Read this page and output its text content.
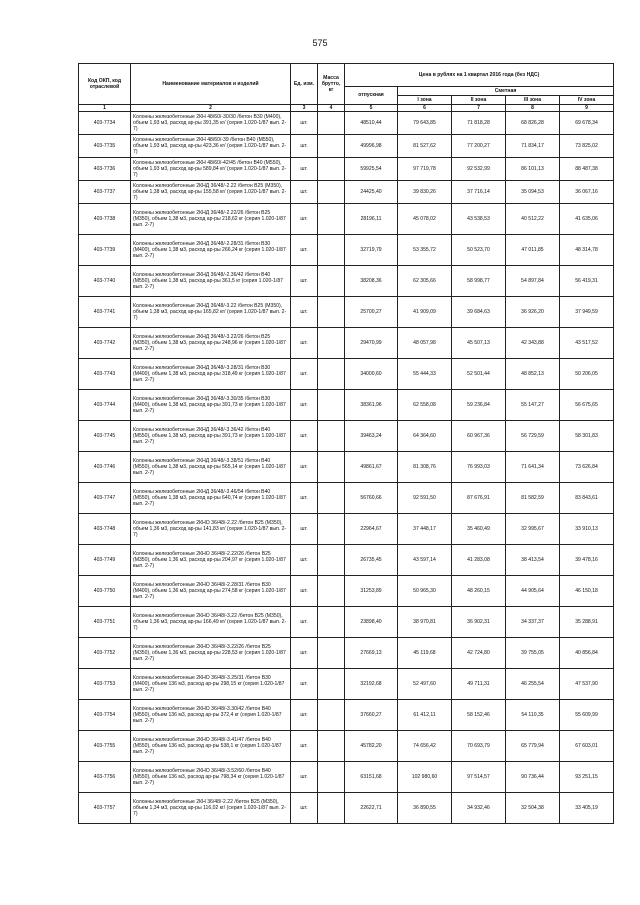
575
Код ОКП, код отраслевой	Наименование материалов и изделий	Ед. изм.	Масса брутто, кг	Цена в рублях на 1 квартал 2016 года (без НДС)				
				отпускная	Сметная			
					I зона	II зона	III зона	IV зона
1	2	3	4	5	6	7	8	9
403-7734	Колонны железобетонные 2КН 48/60/-30/30 /бетон В30 (М400), объем 1,93 м3, расход ар-ры 391,35 кг/ (серия 1.020-1/87 вып. 2-7)	шт.		48510,44	79 643,85	71 818,28	68 826,28	69 678,34
403-7735	Колонны железобетонные 2КН 48/60/-39 /бетон В40 (М550), объем 1,93 м3, расход ар-ры 423,36 кг/ (серия 1.020-1/87 вып. 2-7)	шт.		49996,98	81 527,62	77 200,27	71 834,17	73 825,02
403-7736	Колонны железобетонные 2КН 48/60/-42/45 /бетон В40 (М550), объем 1,93 м3, расход ар-ры 589,84 кг/ (серия 1.020-1/87 вып. 2-7)	шт.		59925,54	97 719,78	92 532,99	86 101,13	88 487,38
403-7737	Колонны железобетонные 2КНД 36/48/-2.22 /бетон В25 (М350), объем 1,38 м3, расход ар-ры 155,58 кг/ (серия 1.020-1/87 вып. 2-7)	шт.		24425,40	39 830,26	37 716,14	35 094,53	36 067,16
403-7738	Колонны железобетонные 2КНД 36/48/-2.22/26 /бетон В25 (М350), объем 1,38 м3, расход ар-ры 218,62 кг (серия 1.020-1/87 вып. 2-7)	шт.		28196,11	45 078,02	43 538,53	40 512,22	41 635,06
403-7739	Колонны железобетонные 2КНД 36/48/-2.28/31 /бетон В30 (М400), объем 1,38 м3, расход ар-ры 266,24 кг (серия 1.020-1/87 вып. 2-7)	шт.		32719,79	53 355,72	50 523,70	47 011,85	48 314,78
403-7740	Колонны железобетонные 2КНД 36/48/-2.36/42 /бетон В40 (М550), объем 1,38 м3, расход ар-ры 361,5 кг (серия 1.020-1/87 вып. 2-7)	шт.		38208,36	62 305,66	58 998,77	54 897,84	56 419,31
403-7741	Колонны железобетонные 2КНД 36/48/-3.22 /бетон В25 (М350), объем 1,38 м3, расход ар-ры 165,82 кг/ (серия 1.020-1/87 вып. 2-7)	шт.		25700,27	41 909,09	39 684,63	36 926,20	37 949,59
403-7742	Колонны железобетонные 2КНД 36/48/-3.22/26 /бетон В25 (М350), объем 1,38 м3, расход ар-ры 248,96 кг (серия 1.020-1/87 вып. 2-7)	шт.		29470,99	48 057,98	45 507,13	42 343,88	43 517,52
403-7743	Колонны железобетонные 2КНД 36/48/-3.28/31 /бетон В30 (М400), объем 1,38 м3, расход ар-ры 318,49 кг (серия 1.020-1/87 вып. 2-7)	шт.		34000,60	55 444,33	52 501,44	48 852,13	50 206,05
403-7744	Колонны железобетонные 2КНД 36/48/-3.30/35 /бетон В30 (М400), объем 1,38 м3, расход ар-ры 391,73 кг (серия 1.020-1/87 вып. 2-7)	шт.		38361,96	62 558,08	59 236,84	55 147,27	56 675,65
403-7745	Колонны железобетонные 2КНД 36/48/-3.36/42 /бетон В40 (М550), объем 1,38 м3, расход ар-ры 391,73 кг (серия 1.020-1/87 вып. 2-7)	шт.		39463,24	64 364,60	60 967,36	56 729,59	58 301,83
403-7746	Колонны железобетонные 2КНД 36/48/-3.38/51 /бетон В40 (М550), объем 1,38 м3, расход ар-ры 565,14 кг (серия 1.020-1/87 вып. 2-7)	шт.		49861,67	81 308,76	76 993,03	71 641,34	73 626,84
403-7747	Колонны железобетонные 2КНД 36/48/-3.46/54 /бетон В40 (М550), объем 1,38 м3, расход ар-ры 640,74 кг (серия 1.020-1/87 вып. 2-7)	шт.		56760,66	92 591,50	87 676,91	81 582,59	83 843,61
403-7748	Колонны железобетонные 2КНО 36/48/-2.22 /бетон В25 (М350), объем 1,36 м3, расход ар-ры 141,83 кг/ (серия 1.020-1/87 вып. 2-7)	шт.		22964,67	37 448,17	35 460,49	32 995,67	33 910,13
403-7749	Колонны железобетонные 2КНО 36/48/-2.22/26 /бетон В25 (М350), объем 1,36 м3, расход ар-ры 204,97 кг (серия 1.020-1/87 вып. 2-7)	шт.		26735,45	43 597,14	41 283,08	38 413,54	39 478,16
403-7750	Колонны железобетонные 2КНО 36/48/-2.28/31 /бетон В30 (М400), объем 1,36 м3, расход ар-ры 274,58 кг (серия 1.020-1/87 вып. 2-7)	шт.		31253,89	50 965,30	48 260,15	44 905,64	46 150,18
403-7751	Колонны железобетонные 2КНО 36/48/-3.22 /бетон В25 (М350), объем 1,36 м3, расход ар-ры 166,49 кг/ (серия 1.020-1/87 вып. 2-7)	шт.		23898,40	38 970,81	36 902,31	34 337,37	35 288,91
403-7752	Колонны железобетонные 2КНО 36/48/-3.22/26 /бетон В25 (М350), объем 1,36 м3, расход ар-ры 228,53 кг (серия 1.020-1/87 вып. 2-7)	шт.		27669,13	45 119,68	42 724,80	39 755,05	40 856,84
403-7753	Колонны железобетонные 2КНО 36/48/-3.25/31 /бетон В30 (М400), объем 136 м3, расход ар-ры 298,15 кг (серия 1.020-1/87 вып. 2-7)	шт.		32192,68	52 497,60	49 711,31	46 255,54	47 537,90
403-7754	Колонны железобетонные 2КНО 36/48/-3.30/42 /бетон В40 (М550), объем 136 м3, расход ар-ры 372,4 кг (серия 1.020-1/87 вып. 2-7)	шт.		37660,27	61 412,11	58 152,46	54 110,35	55 609,99
403-7755	Колонны железобетонные 2КНО 36/48/-3.41/47 /бетон В40 (М550), объем 136 м3, расход ар-ры 538,1 кг (серия 1.020-1/87 вып. 2-7)	шт.		45782,20	74 656,42	70 693,79	65 779,94	67 603,01
403-7756	Колонны железобетонные 2КНО 36/48/-3.52/60 /бетон В40 (М550), объем 136 м3, расход ар-ры 798,34 кг (серия 1.020-1/87 вып. 2-7)	шт.		63151,68	102 980,60	97 514,57	90 736,44	93 251,15
403-7757	Колонны железобетонные 2КН 36/48/-2.22 /бетон В25 (М350), объем 1,34 м3, расход ар-ры 116,02 кг/ (серия 1.020-1/87 вып. 2-7)	шт.		22622,71	36 890,55	34 932,46	32 504,38	33 405,19
